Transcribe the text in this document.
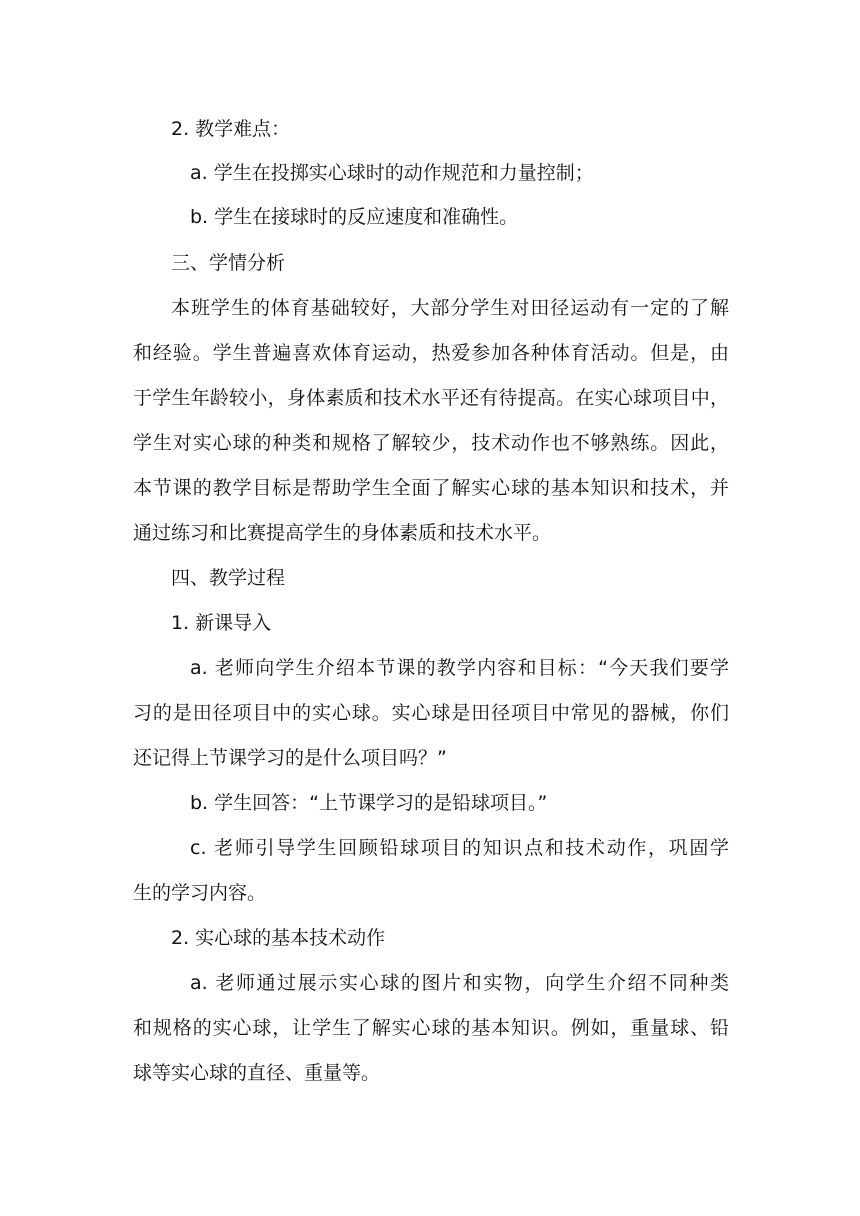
2. 教学难点：

a. 学生在投掷实心球时的动作规范和力量控制；

b. 学生在接球时的反应速度和准确性。

三、学情分析

本班学生的体育基础较好，大部分学生对田径运动有一定的了解

和经验。学生普遍喜欢体育运动，热爱参加各种体育活动。但是，由

于学生年龄较小，身体素质和技术水平还有待提高。在实心球项目中，

学生对实心球的种类和规格了解较少，技术动作也不够熟练。因此，

本节课的教学目标是帮助学生全面了解实心球的基本知识和技术，并

通过练习和比赛提高学生的身体素质和技术水平。

四、教学过程

1. 新课导入

a. 老师向学生介绍本节课的教学内容和目标：“今天我们要学

习的是田径项目中的实心球。实心球是田径项目中常见的器械，你们

还记得上节课学习的是什么项目吗？”

b. 学生回答：“上节课学习的是铅球项目。”

c. 老师引导学生回顾铅球项目的知识点和技术动作，巩固学

生的学习内容。

2. 实心球的基本技术动作

a. 老师通过展示实心球的图片和实物，向学生介绍不同种类

和规格的实心球，让学生了解实心球的基本知识。例如，重量球、铅

球等实心球的直径、重量等。
